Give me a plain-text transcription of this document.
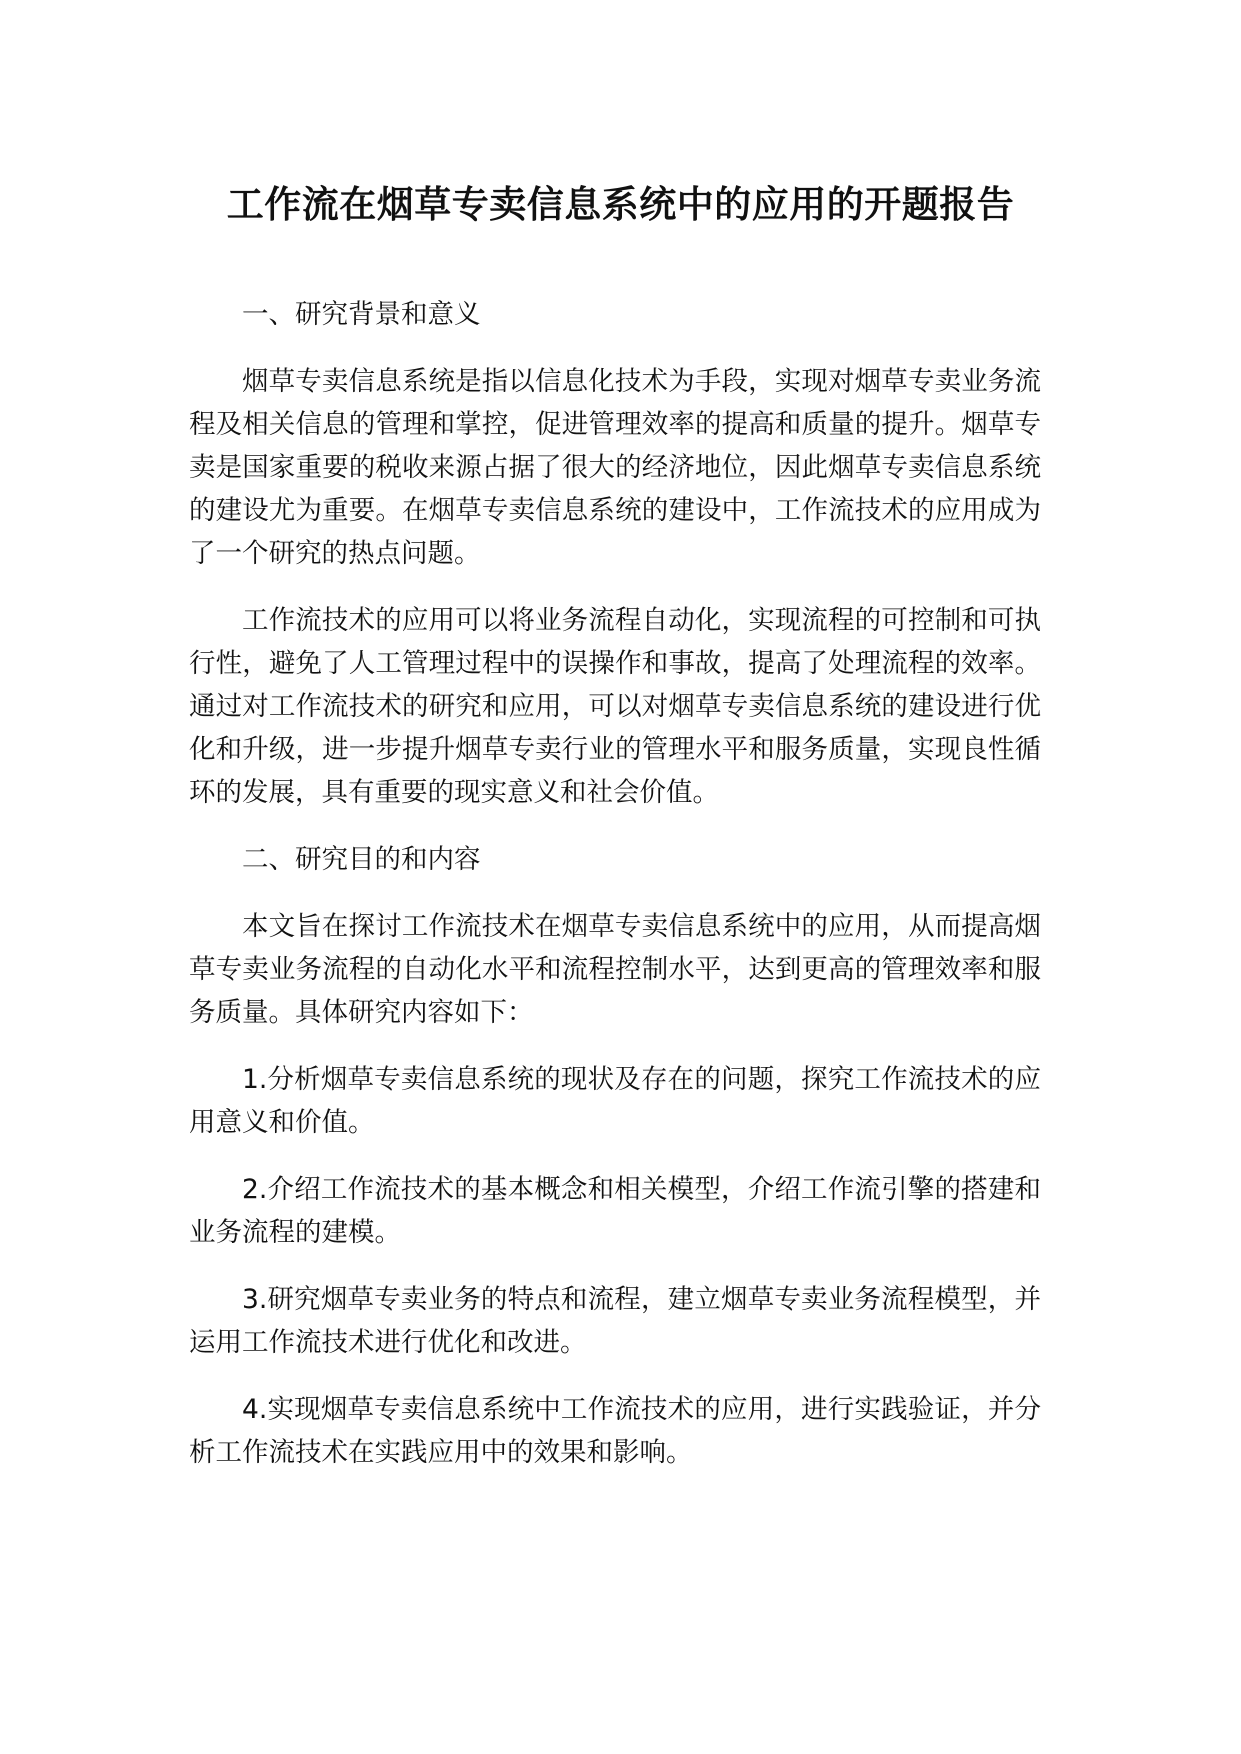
工作流在烟草专卖信息系统中的应用的开题报告

一、研究背景和意义

烟草专卖信息系统是指以信息化技术为手段，实现对烟草专卖业务流程及相关信息的管理和掌控，促进管理效率的提高和质量的提升。烟草专卖是国家重要的税收来源占据了很大的经济地位，因此烟草专卖信息系统的建设尤为重要。在烟草专卖信息系统的建设中，工作流技术的应用成为了一个研究的热点问题。

工作流技术的应用可以将业务流程自动化，实现流程的可控制和可执行性，避免了人工管理过程中的误操作和事故，提高了处理流程的效率。通过对工作流技术的研究和应用，可以对烟草专卖信息系统的建设进行优化和升级，进一步提升烟草专卖行业的管理水平和服务质量，实现良性循环的发展，具有重要的现实意义和社会价值。

二、研究目的和内容

本文旨在探讨工作流技术在烟草专卖信息系统中的应用，从而提高烟草专卖业务流程的自动化水平和流程控制水平，达到更高的管理效率和服务质量。具体研究内容如下：

1.分析烟草专卖信息系统的现状及存在的问题，探究工作流技术的应用意义和价值。

2.介绍工作流技术的基本概念和相关模型，介绍工作流引擎的搭建和业务流程的建模。

3.研究烟草专卖业务的特点和流程，建立烟草专卖业务流程模型，并运用工作流技术进行优化和改进。

4.实现烟草专卖信息系统中工作流技术的应用，进行实践验证，并分析工作流技术在实践应用中的效果和影响。
